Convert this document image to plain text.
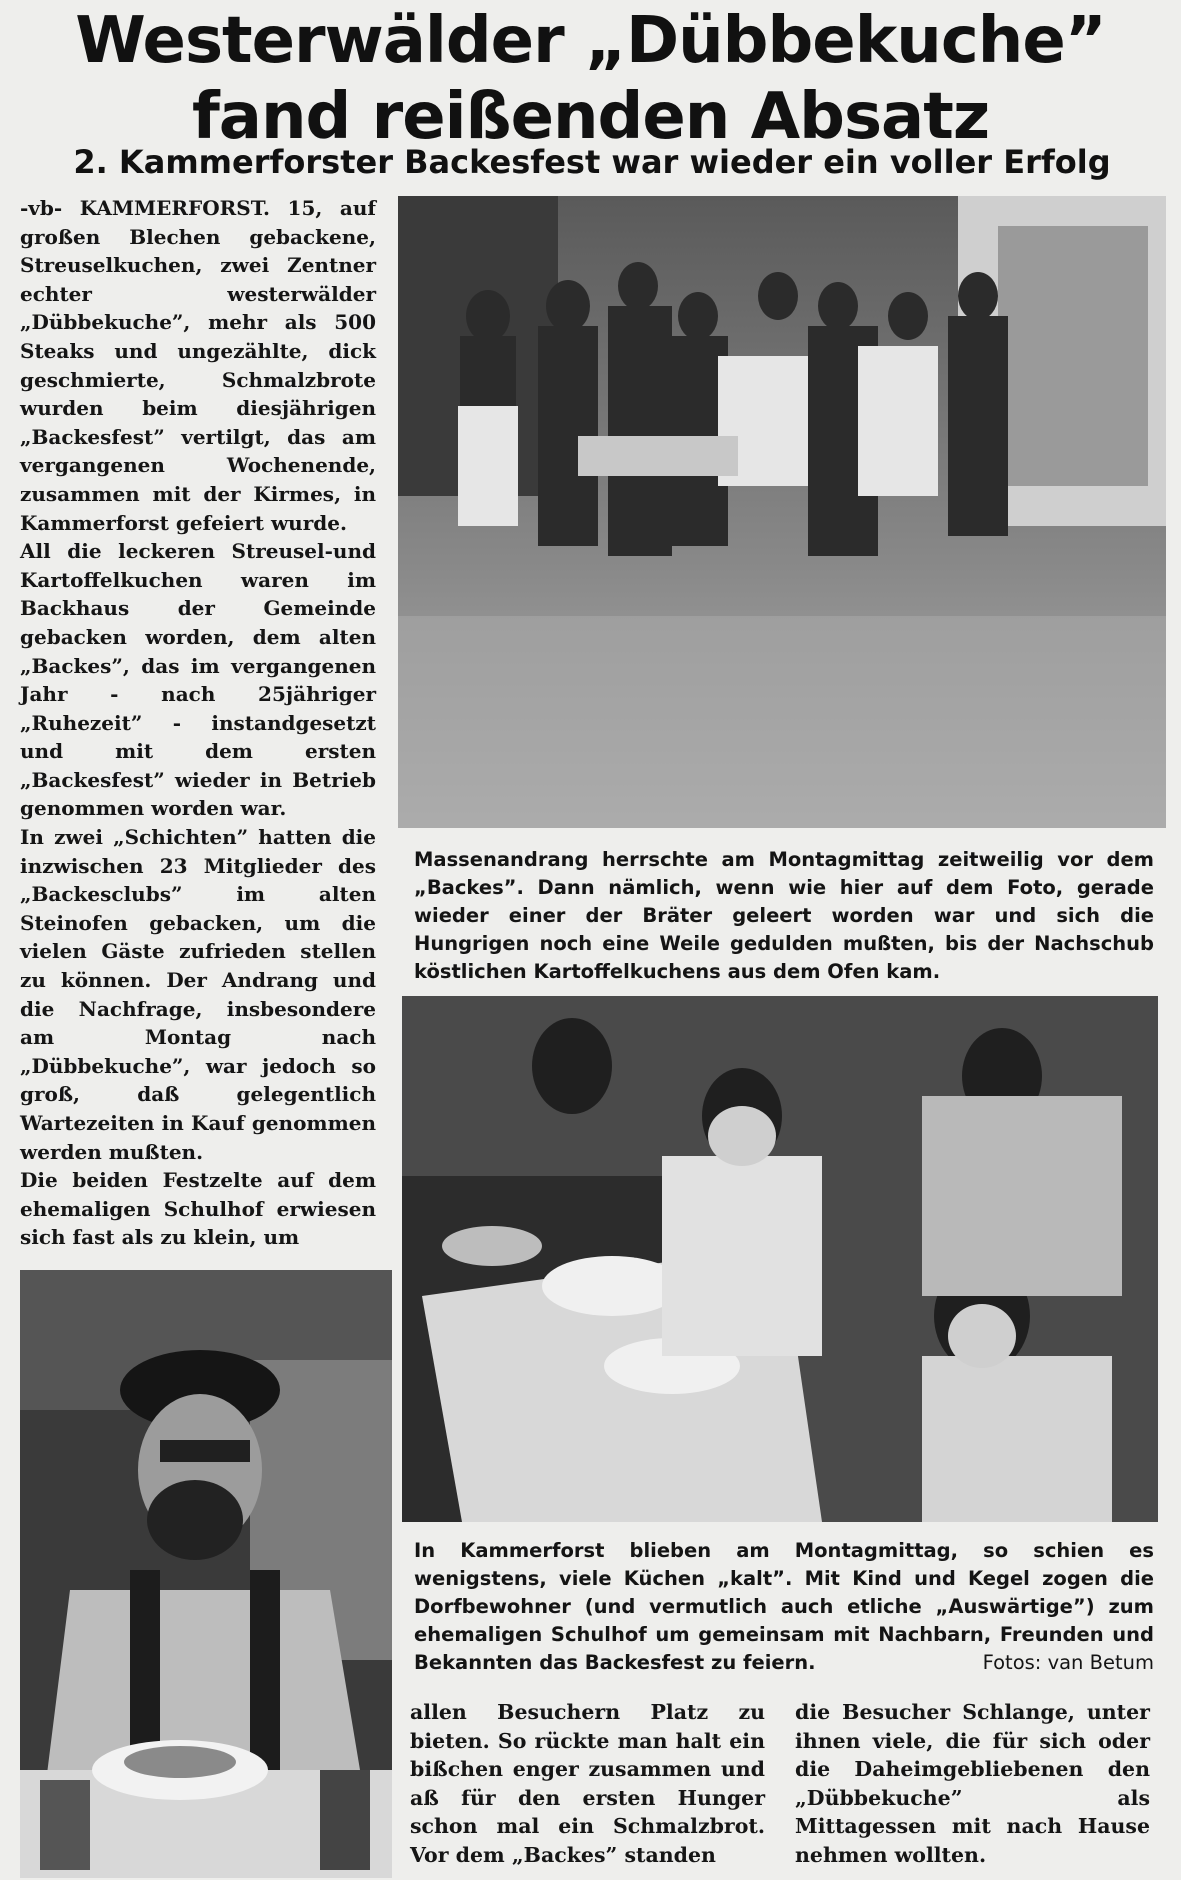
Westerwälder „Dübbekuche”
fand reißenden Absatz
2. Kammerforster Backesfest war wieder ein voller Erfolg

-vb- KAMMERFORST. 15, auf großen Blechen gebackene, Streuselkuchen, zwei Zentner echter westerwälder „Dübbekuche”, mehr als 500 Steaks und ungezählte, dick geschmierte, Schmalzbrote wurden beim diesjährigen „Backesfest” vertilgt, das am vergangenen Wochenende, zusammen mit der Kirmes, in Kammerforst gefeiert wurde.

All die leckeren Streusel-und Kartoffelkuchen waren im Backhaus der Gemeinde gebacken worden, dem alten „Backes”, das im vergangenen Jahr - nach 25jähriger „Ruhezeit” - instandgesetzt und mit dem ersten „Backesfest” wieder in Betrieb genommen worden war.

In zwei „Schichten” hatten die inzwischen 23 Mitglieder des „Backesclubs” im alten Steinofen gebacken, um die vielen Gäste zufrieden stellen zu können. Der Andrang und die Nachfrage, insbesondere am Montag nach „Dübbekuche”, war jedoch so groß, daß gelegentlich Wartezeiten in Kauf genommen werden mußten.

Die beiden Festzelte auf dem ehemaligen Schulhof erwiesen sich fast als zu klein, um

Massenandrang herrschte am Montagmittag zeitweilig vor dem „Backes”. Dann nämlich, wenn wie hier auf dem Foto, gerade wieder einer der Bräter geleert worden war und sich die Hungrigen noch eine Weile gedulden mußten, bis der Nachschub köstlichen Kartoffelkuchens aus dem Ofen kam.
In Kammerforst blieben am Montagmittag, so schien es wenigstens, viele Küchen „kalt”. Mit Kind und Kegel zogen die Dorfbewohner (und vermutlich auch etliche „Auswärtige”) zum ehemaligen Schulhof um gemeinsam mit Nachbarn, Freunden und Bekannten das Backesfest zu feiern.	Fotos: van Betum
allen Besuchern Platz zu bieten. So rückte man halt ein bißchen enger zusammen und aß für den ersten Hunger schon mal ein Schmalzbrot. Vor dem „Backes” standen
die Besucher Schlange, unter ihnen viele, die für sich oder die Daheimgebliebenen den „Dübbekuche” als Mittagessen mit nach Hause nehmen wollten.
